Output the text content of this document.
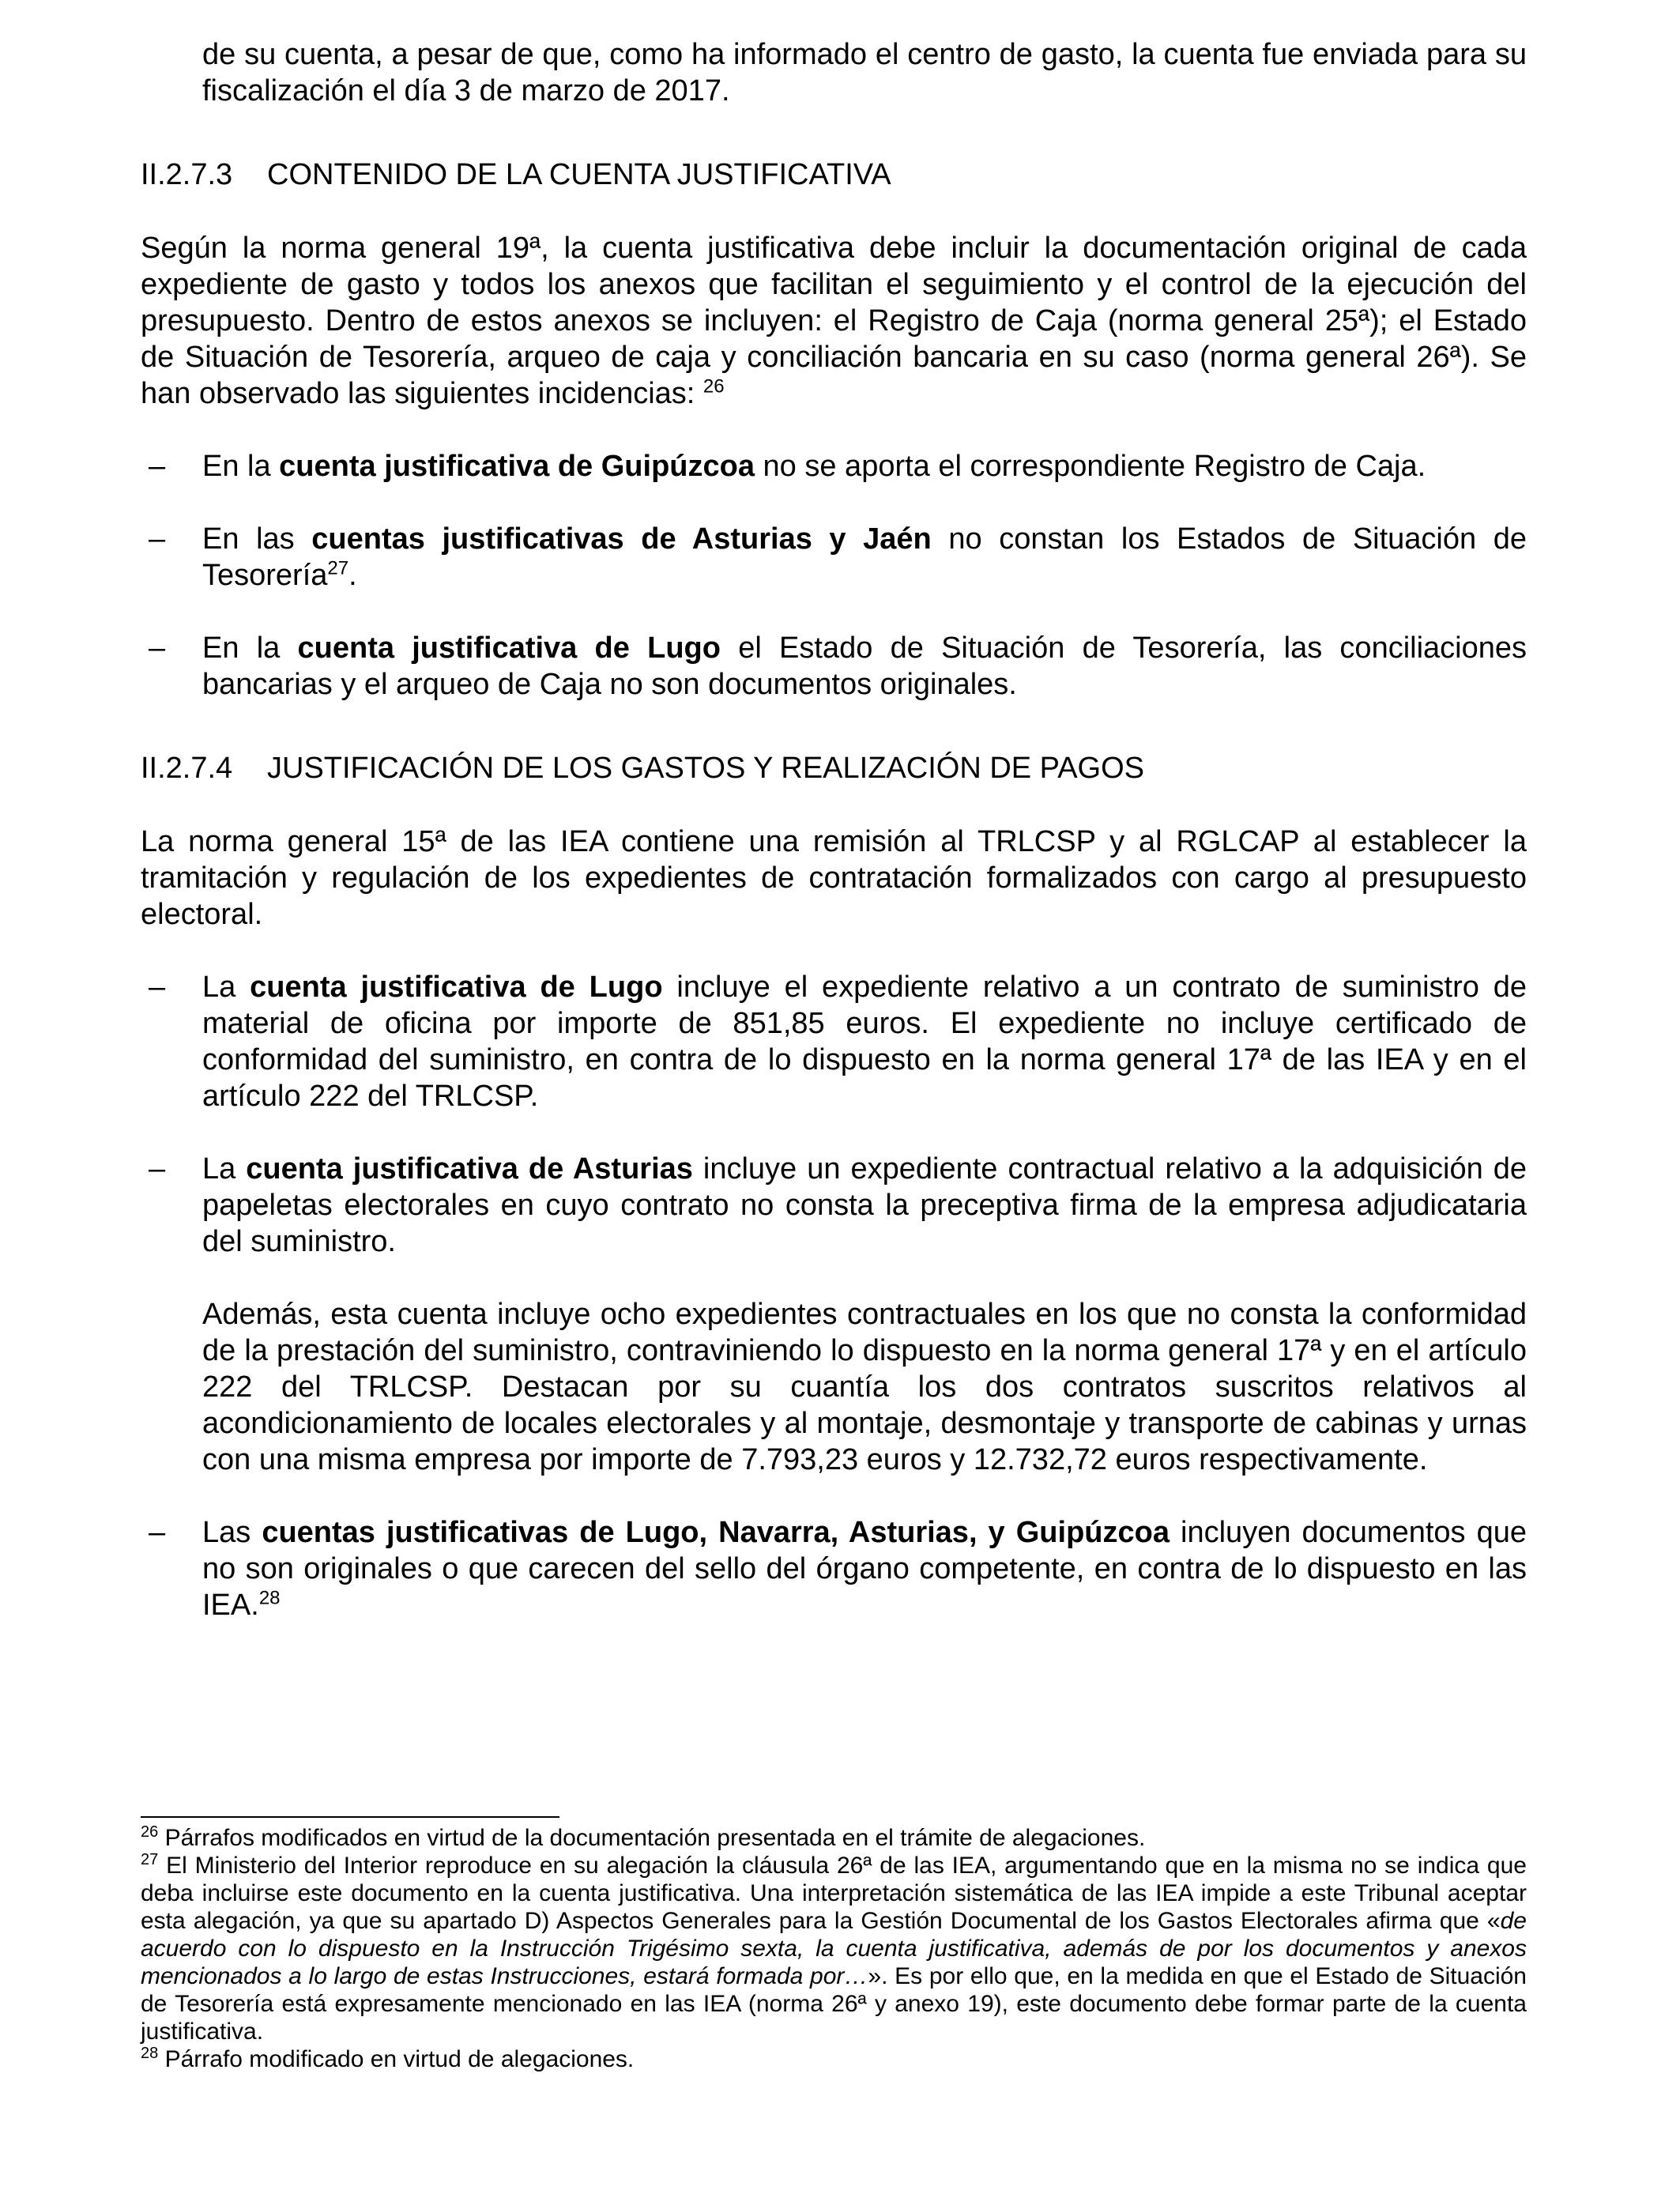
de su cuenta, a pesar de que, como ha informado el centro de gasto, la cuenta fue enviada para su fiscalización el día 3 de marzo de 2017.

II.2.7.3 CONTENIDO DE LA CUENTA JUSTIFICATIVA

Según la norma general 19ª, la cuenta justificativa debe incluir la documentación original de cada expediente de gasto y todos los anexos que facilitan el seguimiento y el control de la ejecución del presupuesto. Dentro de estos anexos se incluyen: el Registro de Caja (norma general 25ª); el Estado de Situación de Tesorería, arqueo de caja y conciliación bancaria en su caso (norma general 26ª). Se han observado las siguientes incidencias: $^{26}$

– En la cuenta justificativa de Guipúzcoa no se aporta el correspondiente Registro de Caja.

– En las cuentas justificativas de Asturias y Jaén no constan los Estados de Situación de Tesorería$^{27}$.

– En la cuenta justificativa de Lugo el Estado de Situación de Tesorería, las conciliaciones bancarias y el arqueo de Caja no son documentos originales.

II.2.7.4 JUSTIFICACIÓN DE LOS GASTOS Y REALIZACIÓN DE PAGOS

La norma general 15ª de las IEA contiene una remisión al TRLCSP y al RGLCAP al establecer la tramitación y regulación de los expedientes de contratación formalizados con cargo al presupuesto electoral.

– La cuenta justificativa de Lugo incluye el expediente relativo a un contrato de suministro de material de oficina por importe de 851,85 euros. El expediente no incluye certificado de conformidad del suministro, en contra de lo dispuesto en la norma general 17ª de las IEA y en el artículo 222 del TRLCSP.

– La cuenta justificativa de Asturias incluye un expediente contractual relativo a la adquisición de papeletas electorales en cuyo contrato no consta la preceptiva firma de la empresa adjudicataria del suministro.

Además, esta cuenta incluye ocho expedientes contractuales en los que no consta la conformidad de la prestación del suministro, contraviniendo lo dispuesto en la norma general 17ª y en el artículo 222 del TRLCSP. Destacan por su cuantía los dos contratos suscritos relativos al acondicionamiento de locales electorales y al montaje, desmontaje y transporte de cabinas y urnas con una misma empresa por importe de 7.793,23 euros y 12.732,72 euros respectivamente.

– Las cuentas justificativas de Lugo, Navarra, Asturias, y Guipúzcoa incluyen documentos que no son originales o que carecen del sello del órgano competente, en contra de lo dispuesto en las IEA.$^{28}$

$^{26}$ Párrafos modificados en virtud de la documentación presentada en el trámite de alegaciones.

$^{27}$ El Ministerio del Interior reproduce en su alegación la cláusula 26ª de las IEA, argumentando que en la misma no se indica que deba incluirse este documento en la cuenta justificativa. Una interpretación sistemática de las IEA impide a este Tribunal aceptar esta alegación, ya que su apartado D) Aspectos Generales para la Gestión Documental de los Gastos Electorales afirma que «de acuerdo con lo dispuesto en la Instrucción Trigésimo sexta, la cuenta justificativa, además de por los documentos y anexos mencionados a lo largo de estas Instrucciones, estará formada por…». Es por ello que, en la medida en que el Estado de Situación de Tesorería está expresamente mencionado en las IEA (norma 26ª y anexo 19), este documento debe formar parte de la cuenta justificativa.

$^{28}$ Párrafo modificado en virtud de alegaciones.
